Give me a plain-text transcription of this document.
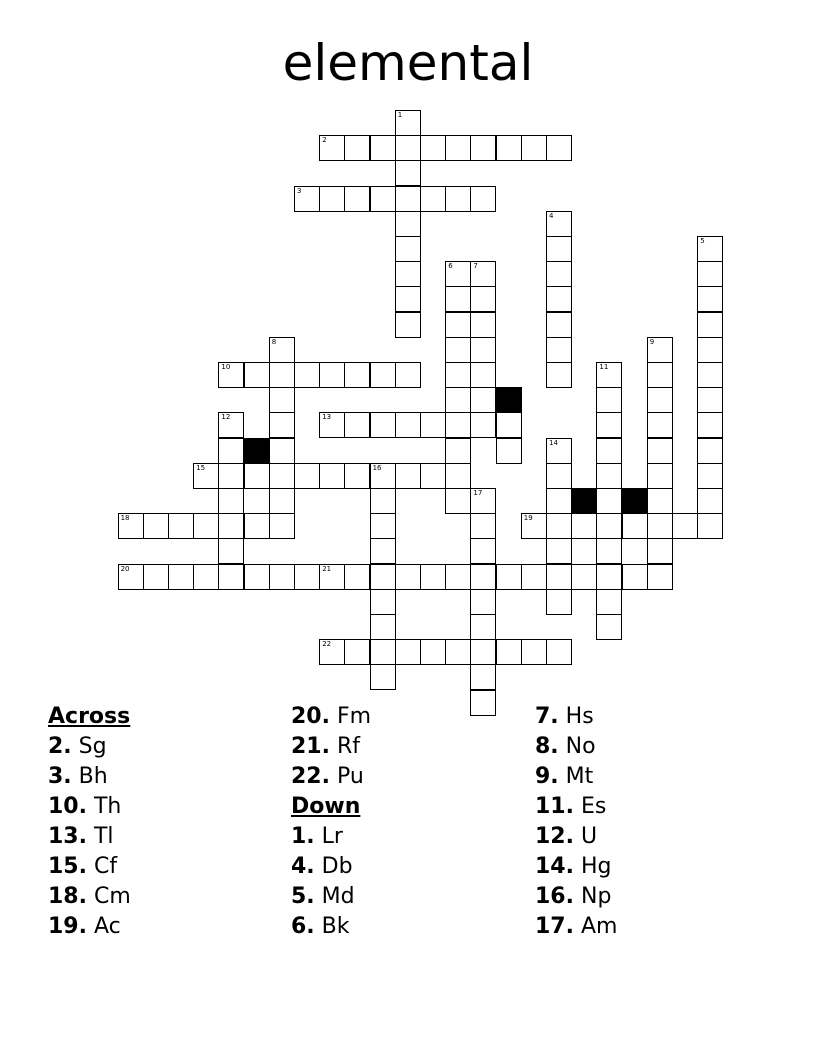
elemental
1
2
3
4
5
6	7
8	9
10	11
12	13
14
15	16
17
18	19
20	21
22
Across
2. Sg
3. Bh
10. Th
13. Tl
15. Cf
18. Cm
19. Ac
20. Fm
21. Rf
22. Pu
Down
1. Lr
4. Db
5. Md
6. Bk
7. Hs
8. No
9. Mt
11. Es
12. U
14. Hg
16. Np
17. Am
